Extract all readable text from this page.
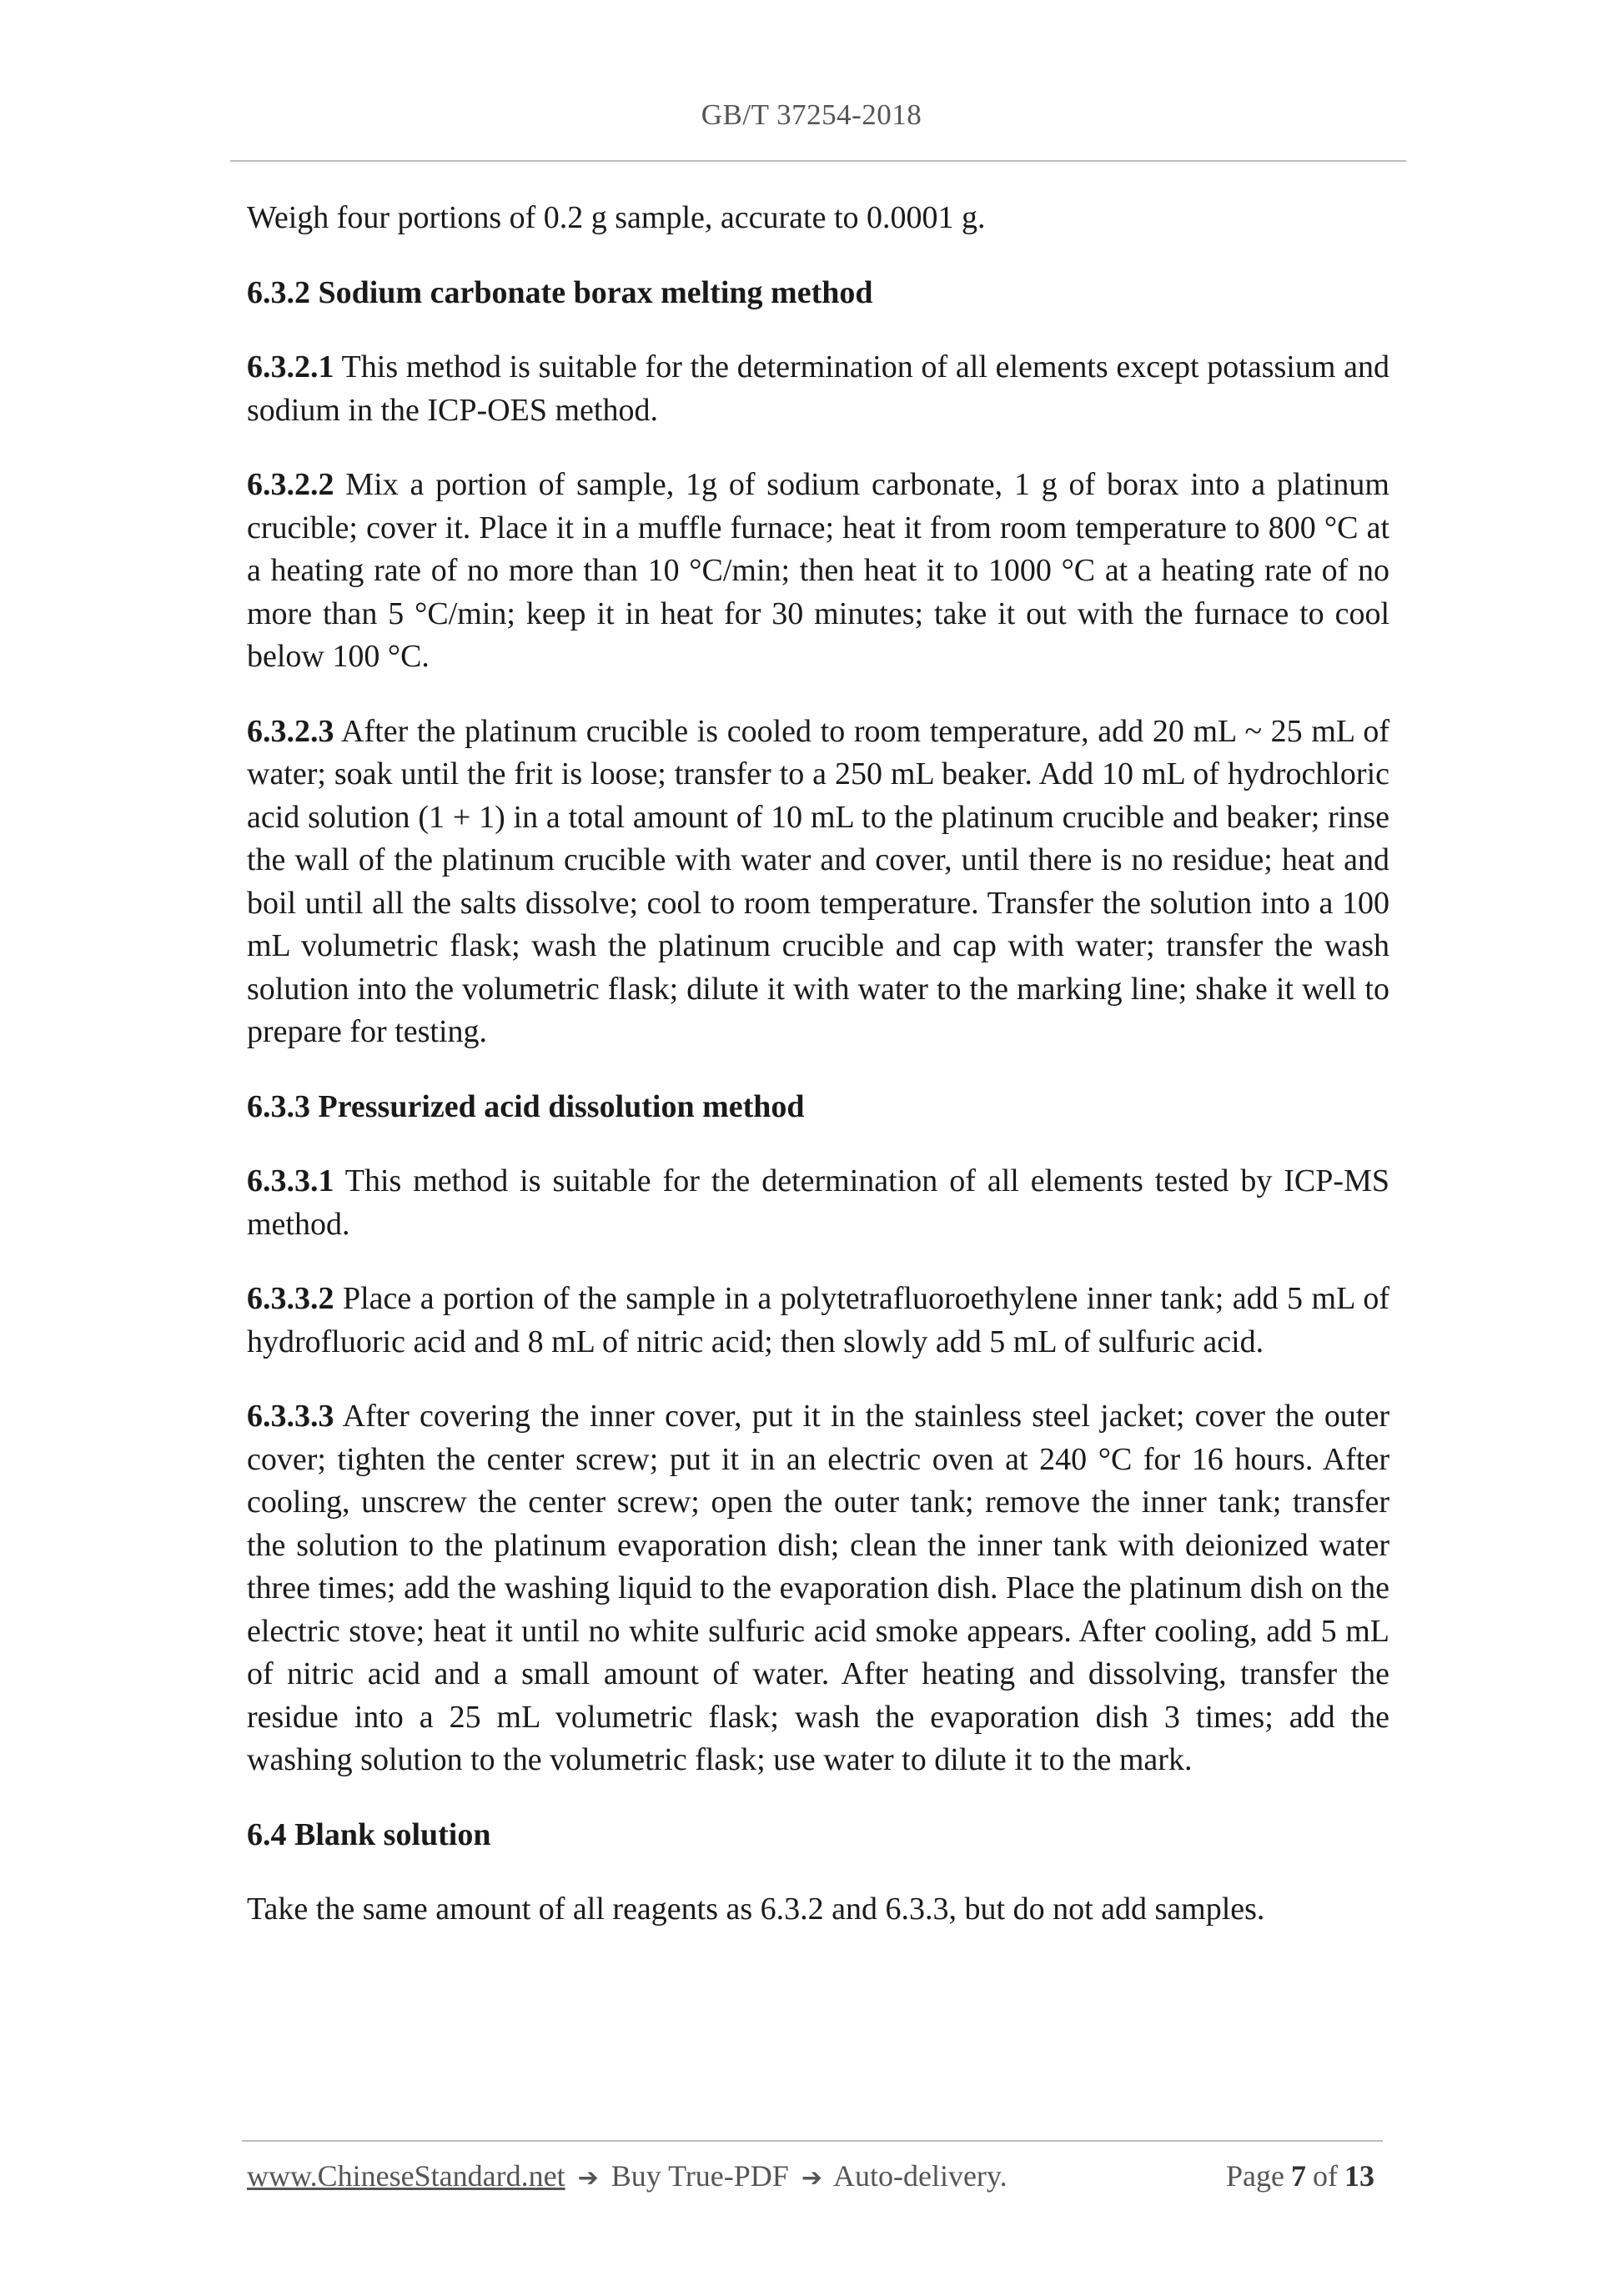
GB/T 37254-2018

Weigh four portions of 0.2 g sample, accurate to 0.0001 g.

6.3.2 Sodium carbonate borax melting method

6.3.2.1 This method is suitable for the determination of all elements except potassium and sodium in the ICP-OES method.

6.3.2.2 Mix a portion of sample, 1g of sodium carbonate, 1 g of borax into a platinum crucible; cover it. Place it in a muffle furnace; heat it from room temperature to 800 °C at a heating rate of no more than 10 °C/min; then heat it to 1000 °C at a heating rate of no more than 5 °C/min; keep it in heat for 30 minutes; take it out with the furnace to cool below 100 °C.

6.3.2.3 After the platinum crucible is cooled to room temperature, add 20 mL ~ 25 mL of water; soak until the frit is loose; transfer to a 250 mL beaker. Add 10 mL of hydrochloric acid solution (1 + 1) in a total amount of 10 mL to the platinum crucible and beaker; rinse the wall of the platinum crucible with water and cover, until there is no residue; heat and boil until all the salts dissolve; cool to room temperature. Transfer the solution into a 100 mL volumetric flask; wash the platinum crucible and cap with water; transfer the wash solution into the volumetric flask; dilute it with water to the marking line; shake it well to prepare for testing.

6.3.3 Pressurized acid dissolution method

6.3.3.1 This method is suitable for the determination of all elements tested by ICP-MS method.

6.3.3.2 Place a portion of the sample in a polytetrafluoroethylene inner tank; add 5 mL of hydrofluoric acid and 8 mL of nitric acid; then slowly add 5 mL of sulfuric acid.

6.3.3.3 After covering the inner cover, put it in the stainless steel jacket; cover the outer cover; tighten the center screw; put it in an electric oven at 240 °C for 16 hours. After cooling, unscrew the center screw; open the outer tank; remove the inner tank; transfer the solution to the platinum evaporation dish; clean the inner tank with deionized water three times; add the washing liquid to the evaporation dish. Place the platinum dish on the electric stove; heat it until no white sulfuric acid smoke appears. After cooling, add 5 mL of nitric acid and a small amount of water. After heating and dissolving, transfer the residue into a 25 mL volumetric flask; wash the evaporation dish 3 times; add the washing solution to the volumetric flask; use water to dilute it to the mark.

6.4 Blank solution

Take the same amount of all reagents as 6.3.2 and 6.3.3, but do not add samples.

www.ChineseStandard.net ➔ Buy True-PDF ➔ Auto-delivery.	Page 7 of 13
